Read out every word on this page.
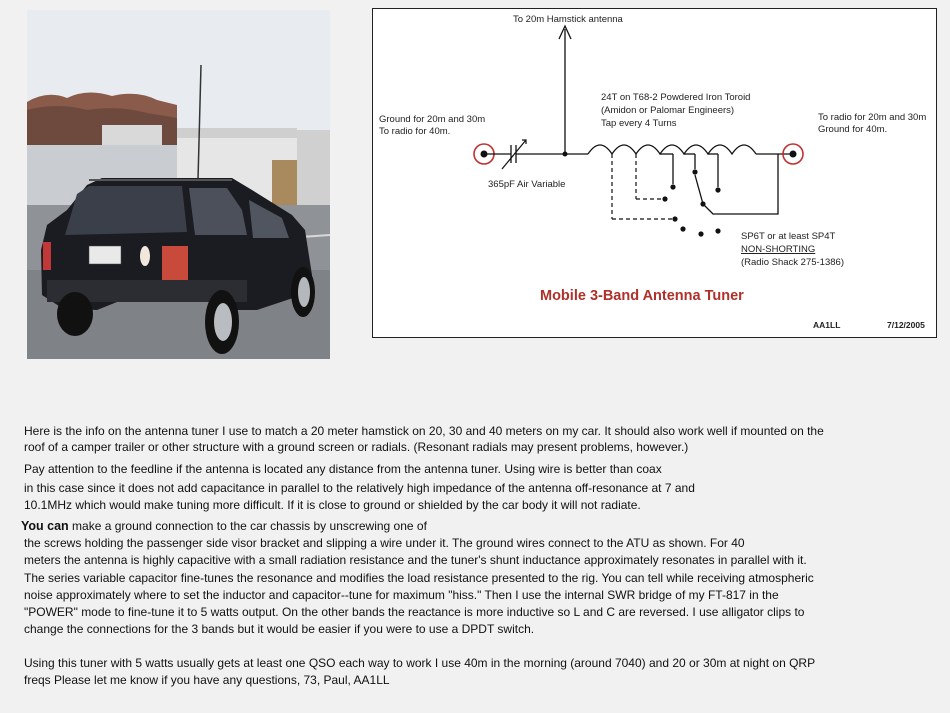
To 20m Hamstick antenna
Ground for 20m and 30m
To radio for 40m.
24T on T68-2 Powdered Iron Toroid
(Amidon or Palomar Engineers)
Tap every 4 Turns
To radio for 20m and 30m
Ground for 40m.
365pF Air Variable
SP6T or at least SP4T
NON-SHORTING
(Radio Shack 275-1386)
Mobile 3-Band Antenna Tuner
AA1LL	7/12/2005
Here is the info on the antenna tuner I use to match a 20 meter hamstick on 20, 30 and 40 meters on my car. It should also work well if mounted on the
roof of a camper trailer or other structure with a ground screen or radials. (Resonant radials may present problems, however.)
Pay attention to the feedline if the antenna is located any distance from the antenna tuner. Using wire is better than coax
in this case since it does not add capacitance in parallel to the relatively high impedance of the antenna off-resonance at 7 and
10.1MHz which would make tuning more difficult. If it is close to ground or shielded by the car body it will not radiate.
You can make a ground connection to the car chassis by unscrewing one of
the screws holding the passenger side visor bracket and slipping a wire under it. The ground wires connect to the ATU as shown. For 40
meters the antenna is highly capacitive with a small radiation resistance and the tuner's shunt inductance approximately resonates in parallel with it.
The series variable capacitor fine-tunes the resonance and modifies the load resistance presented to the rig. You can tell while receiving atmospheric
noise approximately where to set the inductor and capacitor--tune for maximum "hiss." Then I use the internal SWR bridge of my FT-817 in the
"POWER" mode to fine-tune it to 5 watts output. On the other bands the reactance is more inductive so L and C are reversed. I use alligator clips to
change the connections for the 3 bands but it would be easier if you were to use a DPDT switch.
Using this tuner with 5 watts usually gets at least one QSO each way to work I use 40m in the morning (around 7040) and 20 or 30m at night on QRP
freqs Please let me know if you have any questions, 73, Paul, AA1LL
